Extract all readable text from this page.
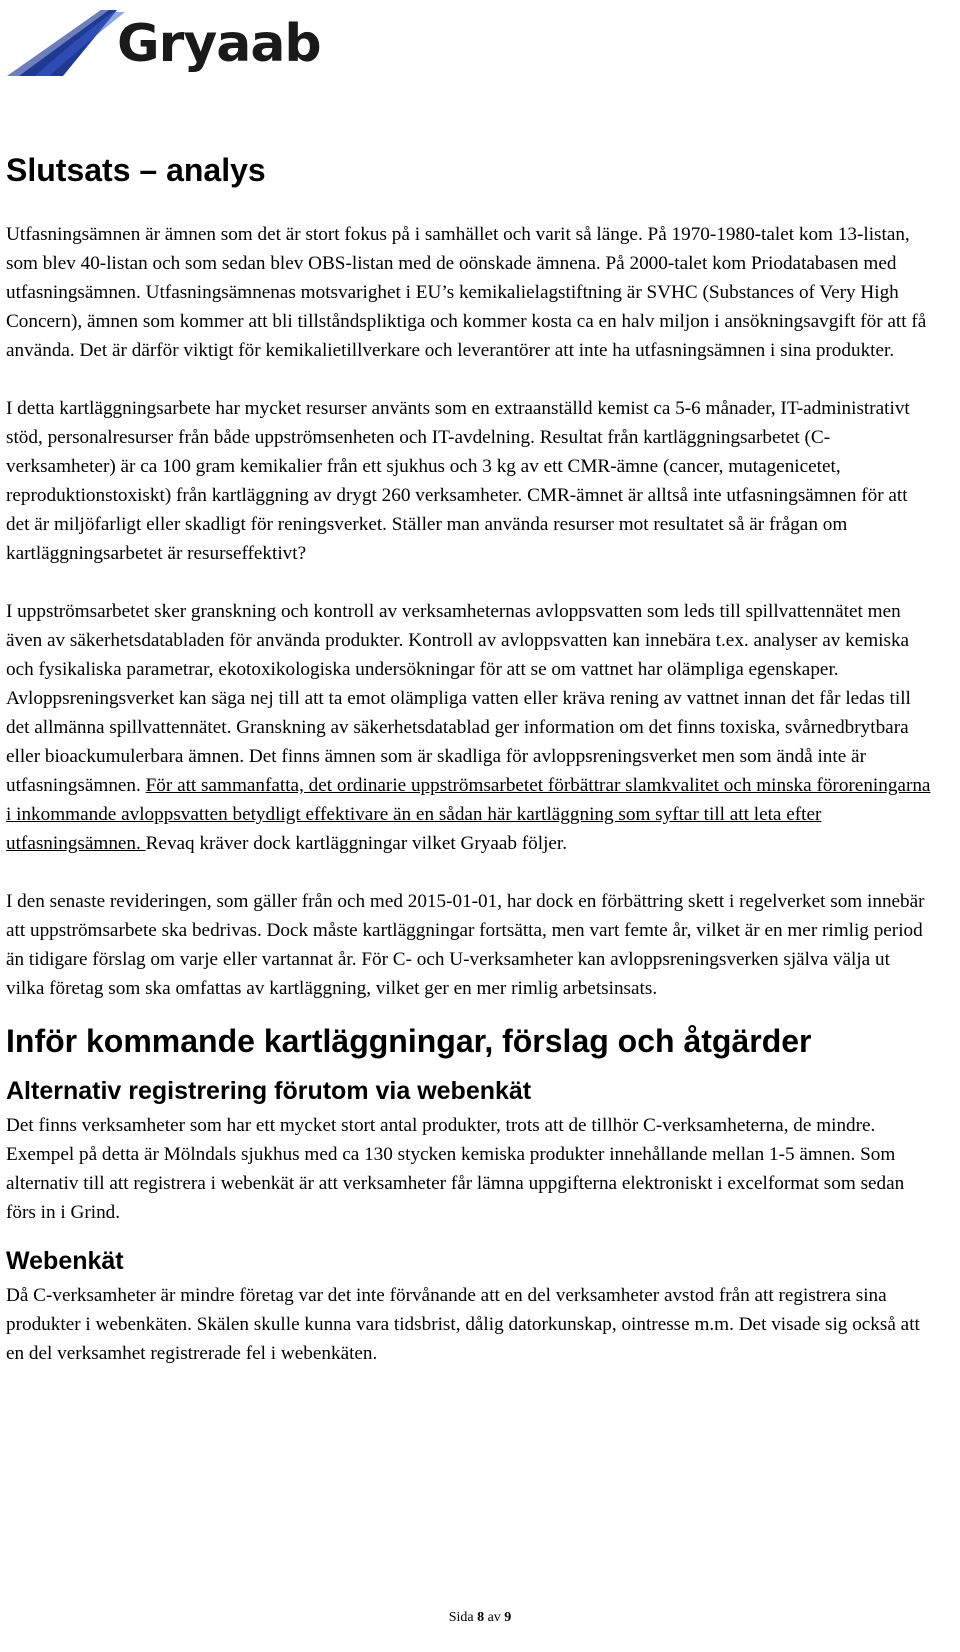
Gryaab
Slutsats – analys

Utfasningsämnen är ämnen som det är stort fokus på i samhället och varit så länge. På 1970-1980-talet kom 13-listan, som blev 40-listan och som sedan blev OBS-listan med de oönskade ämnena. På 2000-talet kom Priodatabasen med utfasningsämnen. Utfasningsämnenas motsvarighet i EU’s kemikalielagstiftning är SVHC (Substances of Very High Concern), ämnen som kommer att bli tillståndspliktiga och kommer kosta ca en halv miljon i ansökningsavgift för att få använda. Det är därför viktigt för kemikalietillverkare och leverantörer att inte ha utfasningsämnen i sina produkter.

I detta kartläggningsarbete har mycket resurser använts som en extraanställd kemist ca 5-6 månader, IT-administrativt stöd, personalresurser från både uppströmsenheten och IT-avdelning. Resultat från kartläggningsarbetet (C-verksamheter) är ca 100 gram kemikalier från ett sjukhus och 3 kg av ett CMR-ämne (cancer, mutagenicetet, reproduktionstoxiskt) från kartläggning av drygt 260 verksamheter. CMR-ämnet är alltså inte utfasningsämnen för att det är miljöfarligt eller skadligt för reningsverket. Ställer man använda resurser mot resultatet så är frågan om kartläggningsarbetet är resurseffektivt?

I uppströmsarbetet sker granskning och kontroll av verksamheternas avloppsvatten som leds till spillvattennätet men även av säkerhetsdatabladen för använda produkter. Kontroll av avloppsvatten kan innebära t.ex. analyser av kemiska och fysikaliska parametrar, ekotoxikologiska undersökningar för att se om vattnet har olämpliga egenskaper. Avloppsreningsverket kan säga nej till att ta emot olämpliga vatten eller kräva rening av vattnet innan det får ledas till det allmänna spillvattennätet. Granskning av säkerhetsdatablad ger information om det finns toxiska, svårnedbrytbara eller bioackumulerbara ämnen. Det finns ämnen som är skadliga för avloppsreningsverket men som ändå inte är utfasningsämnen. För att sammanfatta, det ordinarie uppströmsarbetet förbättrar slamkvalitet och minska föroreningarna i inkommande avloppsvatten betydligt effektivare än en sådan här kartläggning som syftar till att leta efter utfasningsämnen. Revaq kräver dock kartläggningar vilket Gryaab följer.

I den senaste revideringen, som gäller från och med 2015-01-01, har dock en förbättring skett i regelverket som innebär att uppströmsarbete ska bedrivas. Dock måste kartläggningar fortsätta, men vart femte år, vilket är en mer rimlig period än tidigare förslag om varje eller vartannat år. För C- och U-verksamheter kan avloppsreningsverken själva välja ut vilka företag som ska omfattas av kartläggning, vilket ger en mer rimlig arbetsinsats.

Inför kommande kartläggningar, förslag och åtgärder
Alternativ registrering förutom via webenkät

Det finns verksamheter som har ett mycket stort antal produkter, trots att de tillhör C-verksamheterna, de mindre. Exempel på detta är Mölndals sjukhus med ca 130 stycken kemiska produkter innehållande mellan 1-5 ämnen. Som alternativ till att registrera i webenkät är att verksamheter får lämna uppgifterna elektroniskt i excelformat som sedan förs in i Grind.

Webenkät

Då C-verksamheter är mindre företag var det inte förvånande att en del verksamheter avstod från att registrera sina produkter i webenkäten. Skälen skulle kunna vara tidsbrist, dålig datorkunskap, ointresse m.m. Det visade sig också att en del verksamhet registrerade fel i webenkäten.

Sida 8 av 9
